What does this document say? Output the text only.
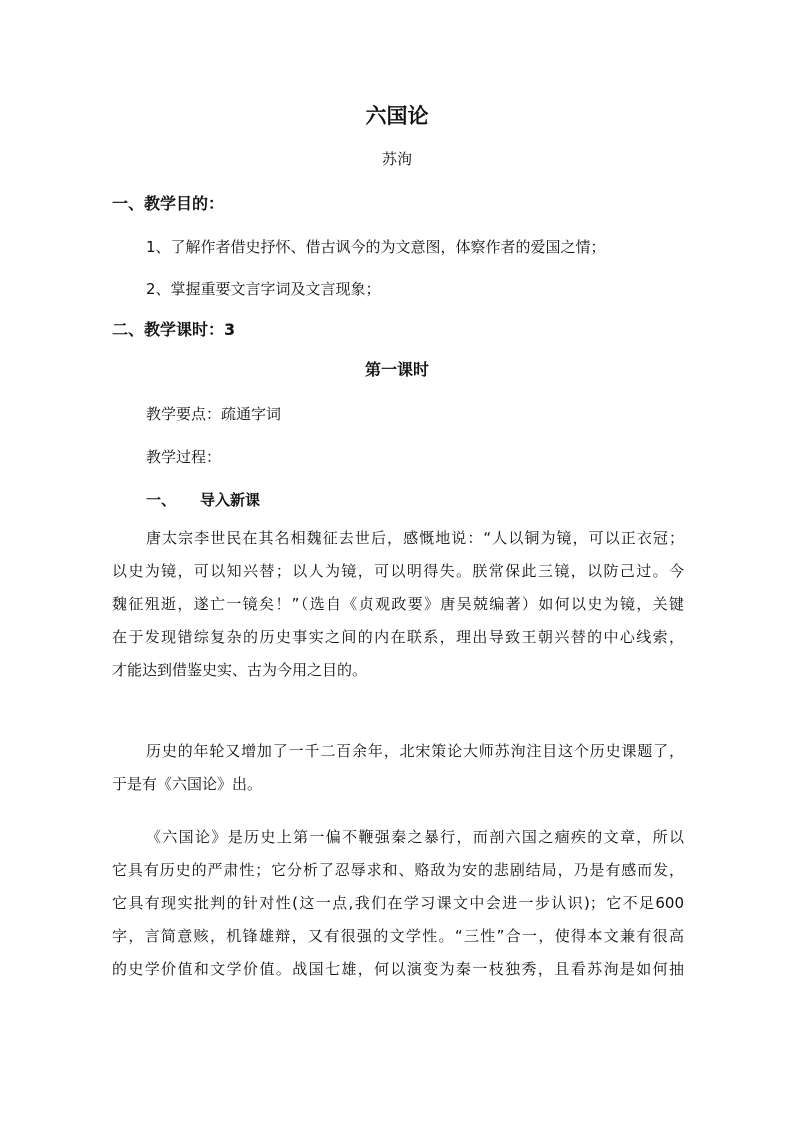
六国论
苏洵
一、教学目的：
1、了解作者借史抒怀、借古讽今的为文意图，体察作者的爱国之情；
2、掌握重要文言字词及文言现象；
二、教学课时：3
第一课时
教学要点：疏通字词
教学过程：
一、 导入新课
唐太宗李世民在其名相魏征去世后，感慨地说：“人以铜为镜，可以正衣冠；
以史为镜，可以知兴替；以人为镜，可以明得失。朕常保此三镜，以防己过。今
魏征殂逝，遂亡一镜矣！”（选自《贞观政要》唐吴兢编著）如何以史为镜，关键
在于发现错综复杂的历史事实之间的内在联系，理出导致王朝兴替的中心线索，
才能达到借鉴史实、古为今用之目的。
历史的年轮又增加了一千二百余年，北宋策论大师苏洵注目这个历史课题了，
于是有《六国论》出。
《六国论》是历史上第一偏不鞭强秦之暴行，而剖六国之痼疾的文章，所以
它具有历史的严肃性；它分析了忍辱求和、赂敌为安的悲剧结局，乃是有感而发，
它具有现实批判的针对性(这一点,我们在学习课文中会进一步认识)；它不足600
字，言简意赅，机锋雄辩，又有很强的文学性。“三性”合一，使得本文兼有很高
的史学价值和文学价值。战国七雄，何以演变为秦一枝独秀，且看苏洵是如何抽
